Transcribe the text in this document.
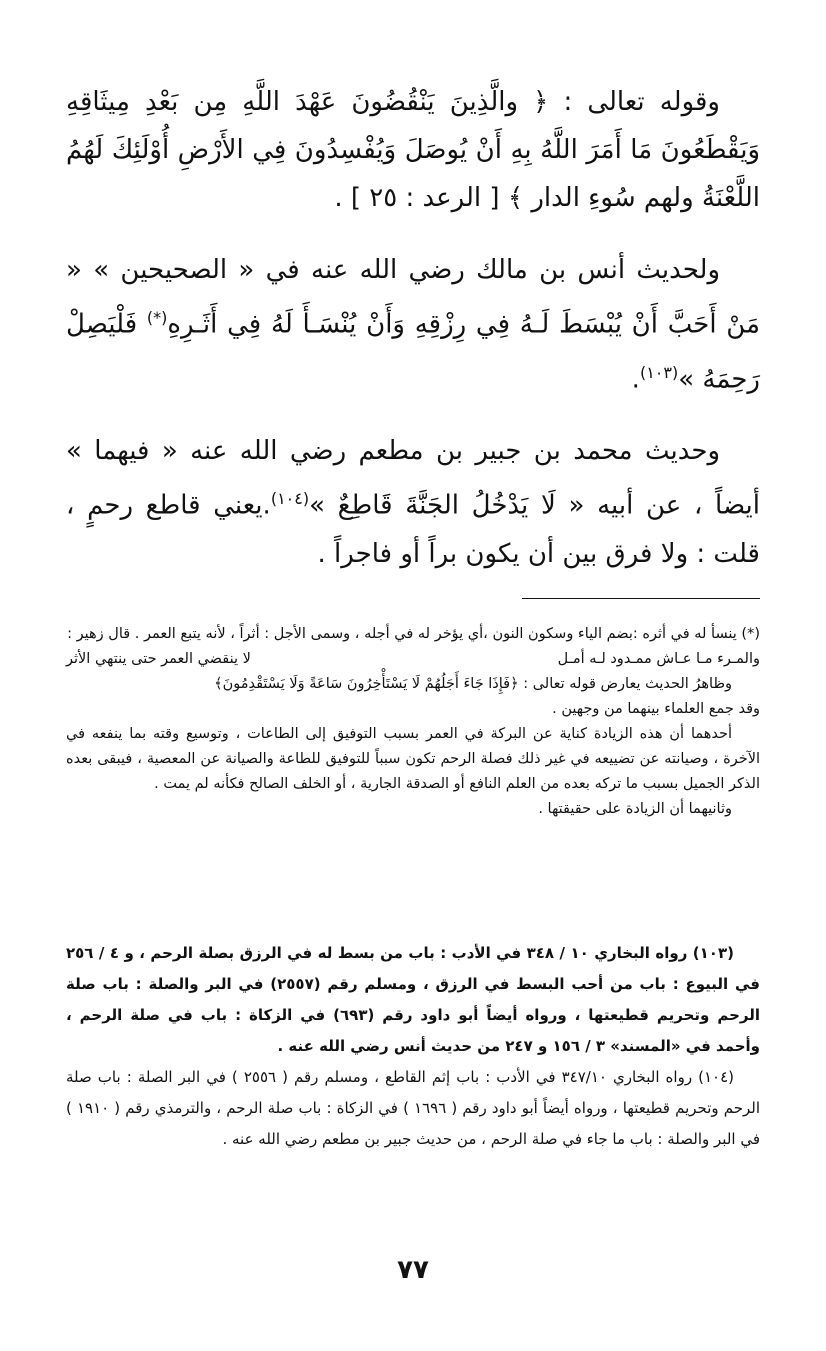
وقوله تعالى : ﴿ والَّذِينَ يَنْقُضُونَ عَهْدَ اللَّهِ مِن بَعْدِ مِيثَاقِهِ وَيَقْطَعُونَ مَا أَمَرَ اللَّهُ بِهِ أَنْ يُوصَلَ وَيُفْسِدُونَ فِي الأَرْضِ أُوْلَئِكَ لَهُمُ اللَّعْنَةُ ولهم سُوءِ الدار ﴾ [ الرعد : ٢٥ ] .

ولحديث أنس بن مالك رضي الله عنه في « الصحيحين » « مَنْ أَحَبَّ أَنْ يُبْسَطَ لَـهُ فِي رِزْقِهِ وَأَنْ يُنْسَـأَ لَهُ فِي أَثَـرِهِ(*) فَلْيَصِلْ رَحِمَهُ »$^{(١٠٣)}$.

وحديث محمد بن جبير بن مطعم رضي الله عنه « فيهما » أيضاً ، عن أبيه « لَا يَدْخُلُ الجَنَّةَ قَاطِعٌ »$^{(١٠٤)}$.يعني قاطع رحمٍ ، قلت : ولا فرق بين أن يكون براً أو فاجراً .

(*) ينسأ له في أثره :بضم الياء وسكون النون ،أي يؤخر له في أجله ، وسمى الأجل : أثراً ، لأنه يتبع العمر . قال زهير :

والمـرء مـا عـاش ممـدود لـه أمـل
لا ينقضي العمر حتى ينتهي الأثر

وظاهرُ الحديث يعارض قوله تعالى : ﴿فَإِذَا جَاءَ أَجَلُهُمْ لَا يَسْتَأْخِرُونَ سَاعَةً وَلَا يَسْتَقْدِمُونَ﴾

وقد جمع العلماء بينهما من وجهين .

أحدهما أن هذه الزيادة كناية عن البركة في العمر بسبب التوفيق إلى الطاعات ، وتوسيع وقته بما ينفعه في الآخرة ، وصيانته عن تضييعه في غير ذلك فصلة الرحم تكون سبباً للتوفيق للطاعة والصيانة عن المعصية ، فيبقى بعده الذكر الجميل بسبب ما تركه بعده من العلم النافع أو الصدقة الجارية ، أو الخلف الصالح فكأنه لم يمت .

وثانيهما أن الزيادة على حقيقتها .

(١٠٣) رواه البخاري ١٠ / ٣٤٨ في الأدب : باب من بسط له في الرزق بصلة الرحم ، و ٤ / ٢٥٦ في البيوع : باب من أحب البسط في الرزق ، ومسلم رقم (٢٥٥٧) في البر والصلة : باب صلة الرحم وتحريم قطيعتها ، ورواه أيضاً أبو داود رقم (٦٩٣) في الزكاة : باب في صلة الرحم ، وأحمد في «المسند» ٣ / ١٥٦ و ٢٤٧ من حديث أنس رضي الله عنه .

(١٠٤) رواه البخاري ٣٤٧/١٠ في الأدب : باب إثم القاطع ، ومسلم رقم ( ٢٥٥٦ ) في البر الصلة : باب صلة الرحم وتحريم قطيعتها ، ورواه أيضاً أبو داود رقم ( ١٦٩٦ ) في الزكاة : باب صلة الرحم ، والترمذي رقم ( ١٩١٠ ) في البر والصلة : باب ما جاء في صلة الرحم ، من حديث جبير بن مطعم رضي الله عنه .

٧٧
